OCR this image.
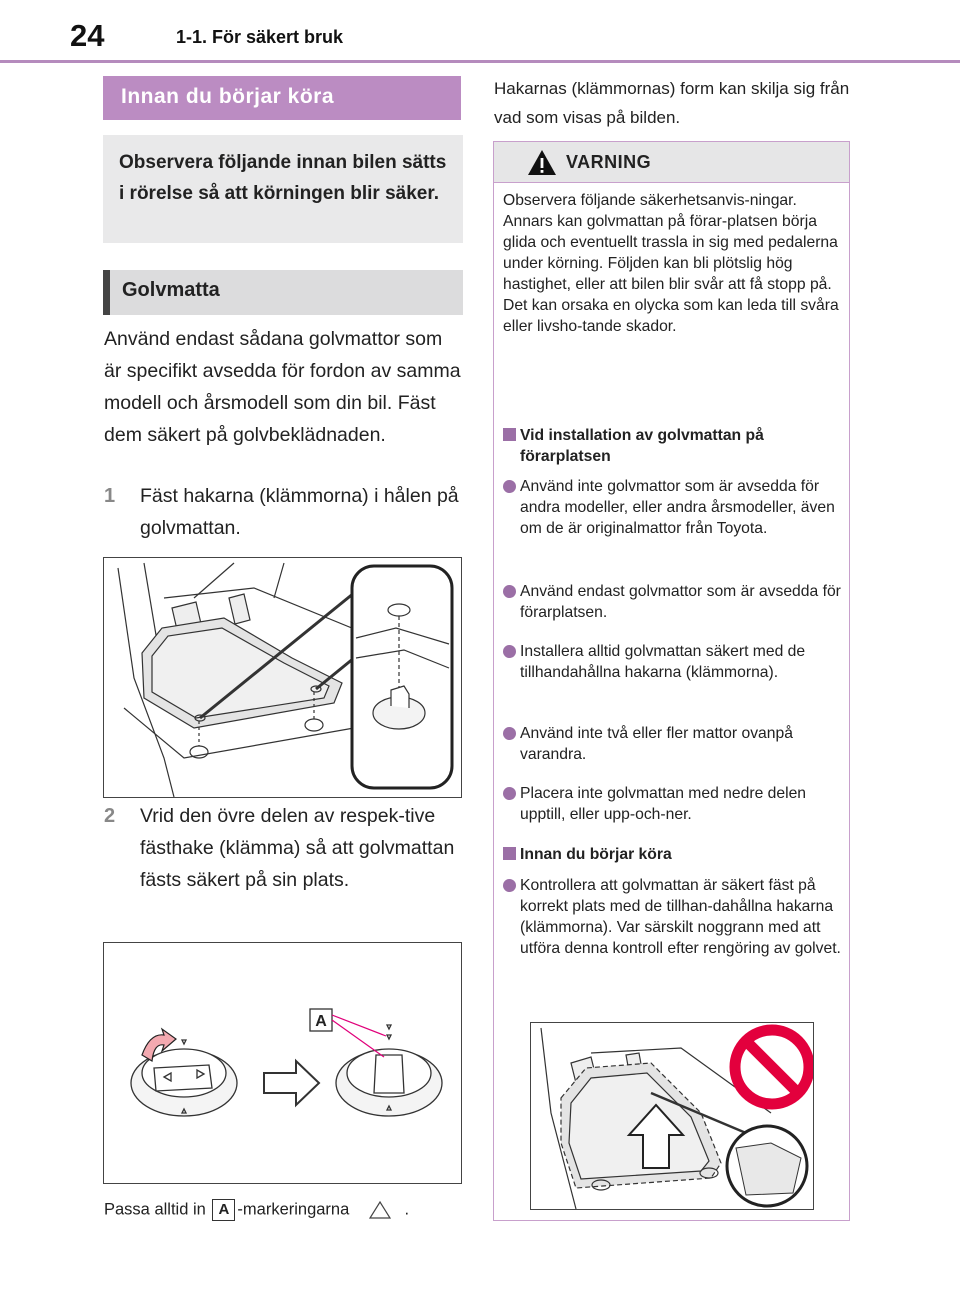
24	1-1. För säkert bruk
Innan du börjar köra
Observera följande innan bilen sätts i rörelse så att körningen blir säker.
Golvmatta
Använd endast sådana golvmattor som är specifikt avsedda för fordon av samma modell och årsmodell som din bil. Fäst dem säkert på golvbeklädnaden.
1 Fäst hakarna (klämmorna) i hålen på golvmattan.
2 Vrid den övre delen av respek-tive fästhake (klämma) så att golvmattan fästs säkert på sin plats.
A
Passa alltid in A -markeringarna	.
Hakarnas (klämmornas) form kan skilja sig från vad som visas på bilden.
VARNING
Observera följande säkerhetsanvis-ningar. Annars kan golvmattan på förar-platsen börja glida och eventuellt trassla in sig med pedalerna under körning. Följden kan bli plötslig hög hastighet, eller att bilen blir svår att få stopp på. Det kan orsaka en olycka som kan leda till svåra eller livsho-tande skador.
Vid installation av golvmattan på förarplatsen
Använd inte golvmattor som är avsedda för andra modeller, eller andra årsmodeller, även om de är originalmattor från Toyota.
Använd endast golvmattor som är avsedda för förarplatsen.
Installera alltid golvmattan säkert med de tillhandahållna hakarna (klämmorna).
Använd inte två eller fler mattor ovanpå varandra.
Placera inte golvmattan med nedre delen upptill, eller upp-och-ner.
Innan du börjar köra
Kontrollera att golvmattan är säkert fäst på korrekt plats med de tillhan-dahållna hakarna (klämmorna). Var särskilt noggrann med att utföra denna kontroll efter rengöring av golvet.
